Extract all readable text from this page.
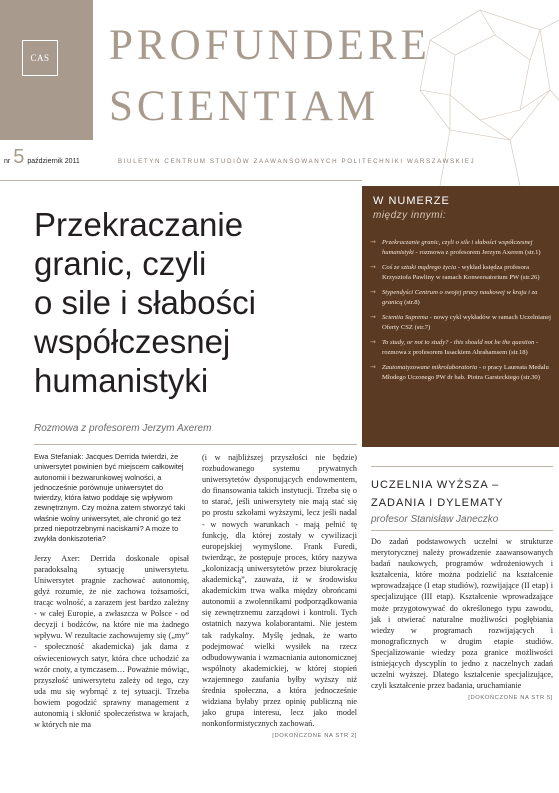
CAS PROFUNDERE
SCIENTIAM
nr 5 październik 2011	BIULETYN CENTRUM STUDIÓW ZAAWANSOWANYCH POLITECHNIKI WARSZAWSKIEJ
Przekraczanie
granic, czyli
o sile i słabości
współczesnej
humanistyki
Rozmowa z profesorem Jerzym Axerem
Ewa Stefaniak: Jacques Derrida twierdzi, że uniwersytet powinien być miejscem całkowitej autonomii i bezwarunkowej wolności, a jednocześnie porównuje uniwersytet do twierdzy, która łatwo poddaje się wpływom zewnętrznym. Czy można zatem stworzyć taki właśnie wolny uniwersytet, ale chronić go też przed niepotrzebnymi naciskami? A może to zwykła donkiszoteria?

Jerzy Axer: Derrida doskonale opisał paradoksalną sytuację uniwersytetu. Uniwersytet pragnie zachować autonomię, gdyż rozumie, że nie zachowa tożsamości, tracąc wolność, a zarazem jest bardzo zależny - w całej Europie, a zwłaszcza w Polsce - od decyzji i bodźców, na które nie ma żadnego wpływu. W rezultacie zachowujemy się („my” - społeczność akademicka) jak dama z oświeceniowych satyr, która chce uchodzić za wzór cnoty, a tymczasem… Poważnie mówiąc, przyszłość uniwersytetu zależy od tego, czy uda mu się wybrnąć z tej sytuacji. Trzeba bowiem pogodzić sprawny management z autonomią i skłonić społeczeństwa w krajach, w których nie ma

(i w najbliższej przyszłości nie będzie) rozbudowanego systemu prywatnych uniwersytetów dysponujących endowmentem, do finansowania takich instytucji. Trzeba się o to starać, jeśli uniwersytety nie mają stać się po prostu szkołami wyższymi, lecz jeśli nadal - w nowych warunkach - mają pełnić tę funkcję, dla której zostały w cywilizacji europejskiej wymyślone. Frank Furedi, twierdząc, że postępuje proces, który nazywa „kolonizacją uniwersytetów przez biurokrację akademicką”, zauważa, iż w środowisku akademickim trwa walka między obrońcami autonomii a zwolennikami podporządkowania się zewnętrznemu zarządowi i kontroli. Tych ostatnich nazywa kolaborantami. Nie jestem tak radykalny. Myślę jednak, że warto podejmować wielki wysiłek na rzecz odbudowywania i wzmacniania autonomicznej wspólnoty akademickiej, w której stopień wzajemnego zaufania byłby wyższy niż średnia społeczna, a która jednocześnie widziana byłaby przez opinię publiczną nie jako grupa interesu, lecz jako model nonkonformistycznych zachowań.

[DOKOŃCZONE NA STR 2]
W NUMERZE
między innymi:
→ Przekraczanie granic, czyli o sile i słabości współczesnej humanistyki - rozmowa z profesorem Jerzym Axerem (str.1)
→ Coś ze sztuki mądrego życia - wykład księdza profesora Krzysztofa Pawliny w ramach Konwersatorium PW (str.26)
→ Stypendyści Centrum o swojej pracy naukowej w kraju i za granicą (str.8)
→ Scientia Suprema - nowy cykl wykładów w ramach Uczelnianej Oferty CSZ (str.7)
→ To study, or not to study? - this should not be the question - rozmowa z profesorem Issackiem Abrahamsem (str.18)
→ Zautomatyzowane mikrolaboratoria - o pracy Laureata Medalu Młodego Uczonego PW dr hab. Piotra Garsteckiego (str.30)
UCZELNIA WYŻSZA – ZADANIA I DYLEMATY
profesor Stanisław Janeczko

Do zadań podstawowych uczelni w strukturze merytorycznej należy prowadzenie zaawansowanych badań naukowych, programów wdrożeniowych i kształcenia, które można podzielić na kształcenie wprowadzające (I etap studiów), rozwijające (II etap) i specjalizujące (III etap). Kształcenie wprowadzające może przygotowywać do określonego typu zawodu, jak i otwierać naturalne możliwości pogłębiania wiedzy w programach rozwijających i monograficznych w drugim etapie studiów. Specjalizowanie wiedzy poza granice możliwości istniejących dyscyplin to jedno z naczelnych zadań uczelni wyższej. Dlatego kształcenie specjalizujące, czyli kształcenie przez badania, uruchamianie

[DOKOŃCZONE NA STR 5]
